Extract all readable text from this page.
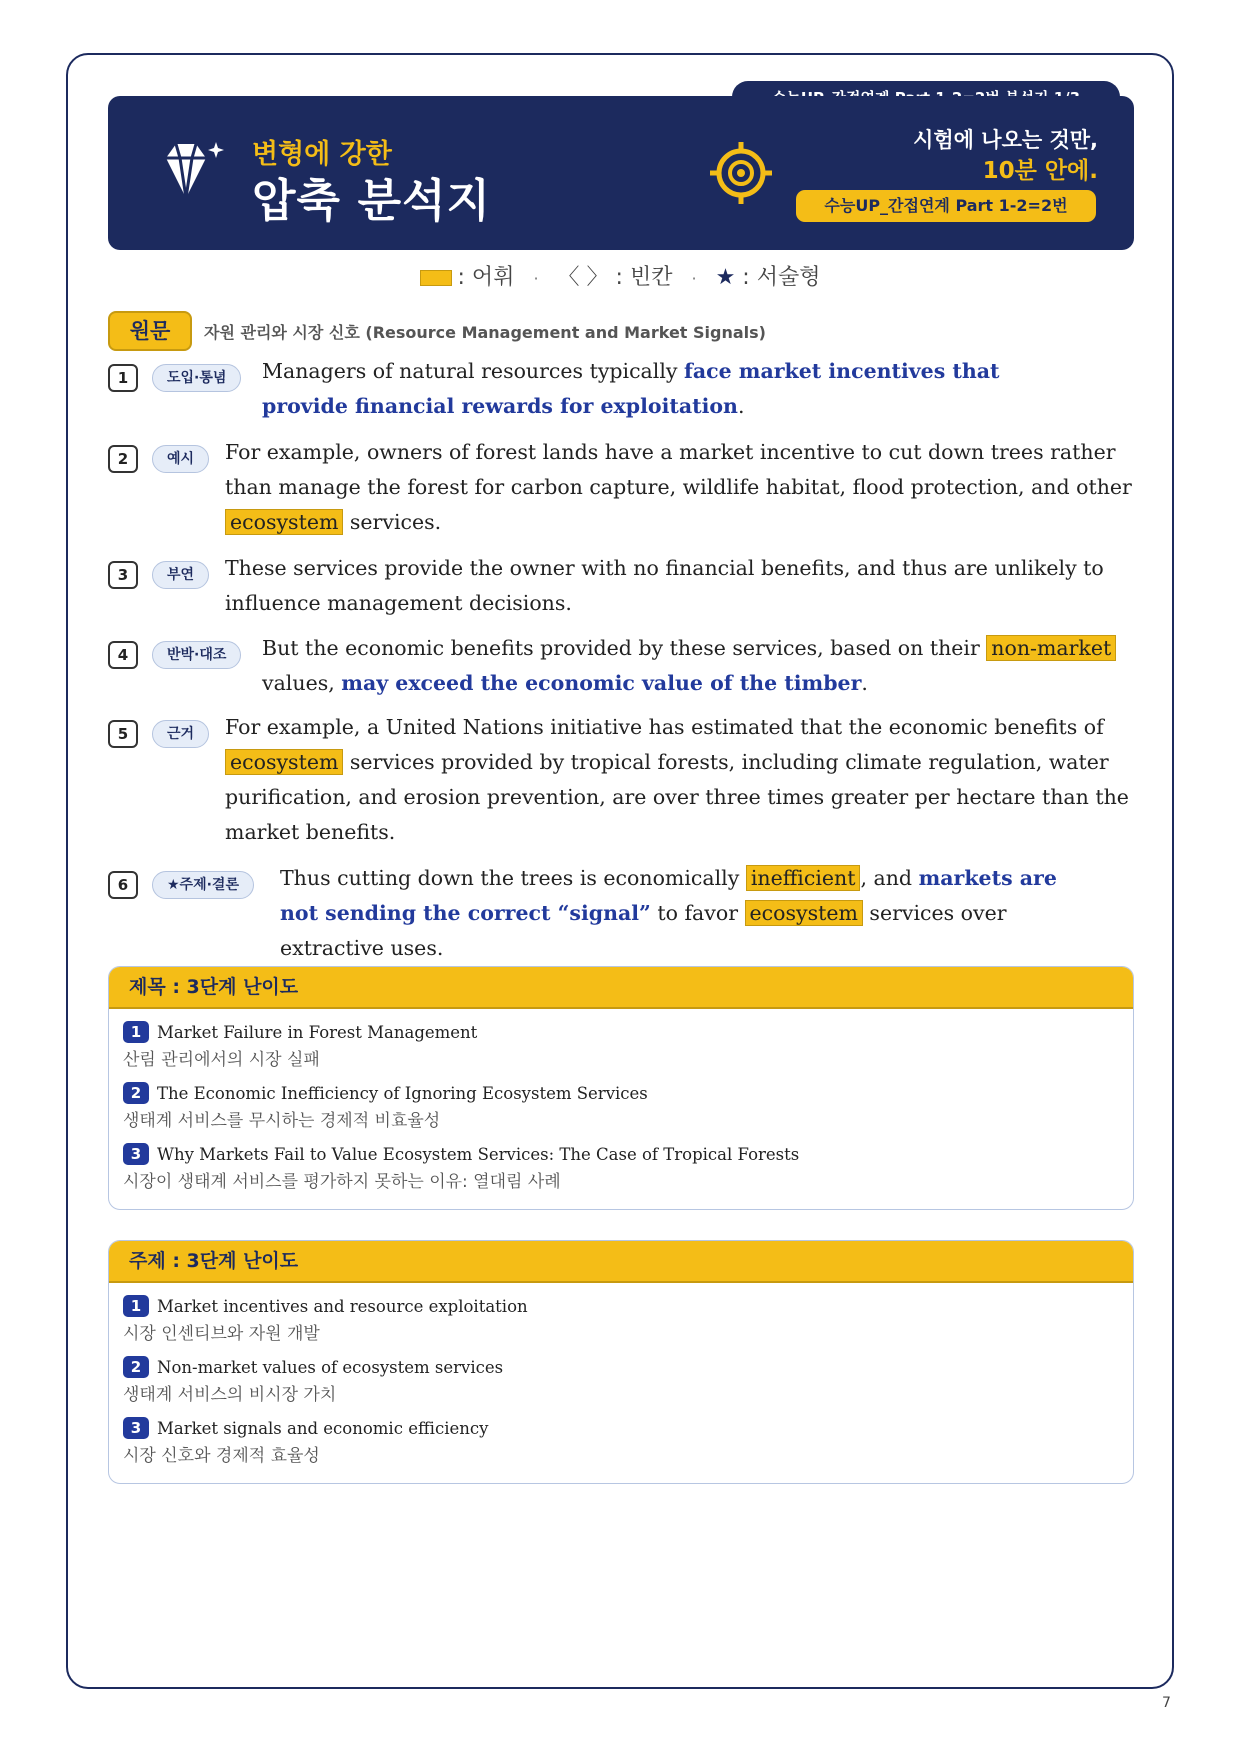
변형에 강한
압축 분석지
시험에 나오는 것만,
10분 안에.
수능UP_간접연계 Part 1-2=2번
: 어휘 · 〈 〉 : 빈칸 · ★ : 서술형
원문	자원 관리와 시장 신호 (Resource Management and Market Signals)
1	도입·통념	Managers of natural resources typically face market incentives that provide financial rewards for exploitation.
2	예시	For example, owners of forest lands have a market incentive to cut down trees rather than manage the forest for carbon capture, wildlife habitat, flood protection, and other ecosystem services.
3	부연	These services provide the owner with no financial benefits, and thus are unlikely to influence management decisions.
4	반박·대조	But the economic benefits provided by these services, based on their non-market values, may exceed the economic value of the timber.
5	근거	For example, a United Nations initiative has estimated that the economic benefits of ecosystem services provided by tropical forests, including climate regulation, water purification, and erosion prevention, are over three times greater per hectare than the market benefits.
6	★주제·결론	Thus cutting down the trees is economically inefficient , and markets are not sending the correct “signal” to favor ecosystem services over extractive uses.
제목 : 3단계 난이도
1 Market Failure in Forest Management
산림 관리에서의 시장 실패
2 The Economic Inefficiency of Ignoring Ecosystem Services
생태계 서비스를 무시하는 경제적 비효율성
3 Why Markets Fail to Value Ecosystem Services: The Case of Tropical Forests
시장이 생태계 서비스를 평가하지 못하는 이유: 열대림 사례
주제 : 3단계 난이도
1 Market incentives and resource exploitation
시장 인센티브와 자원 개발
2 Non-market values of ecosystem services
생태계 서비스의 비시장 가치
3 Market signals and economic efficiency
시장 신호와 경제적 효율성
7
